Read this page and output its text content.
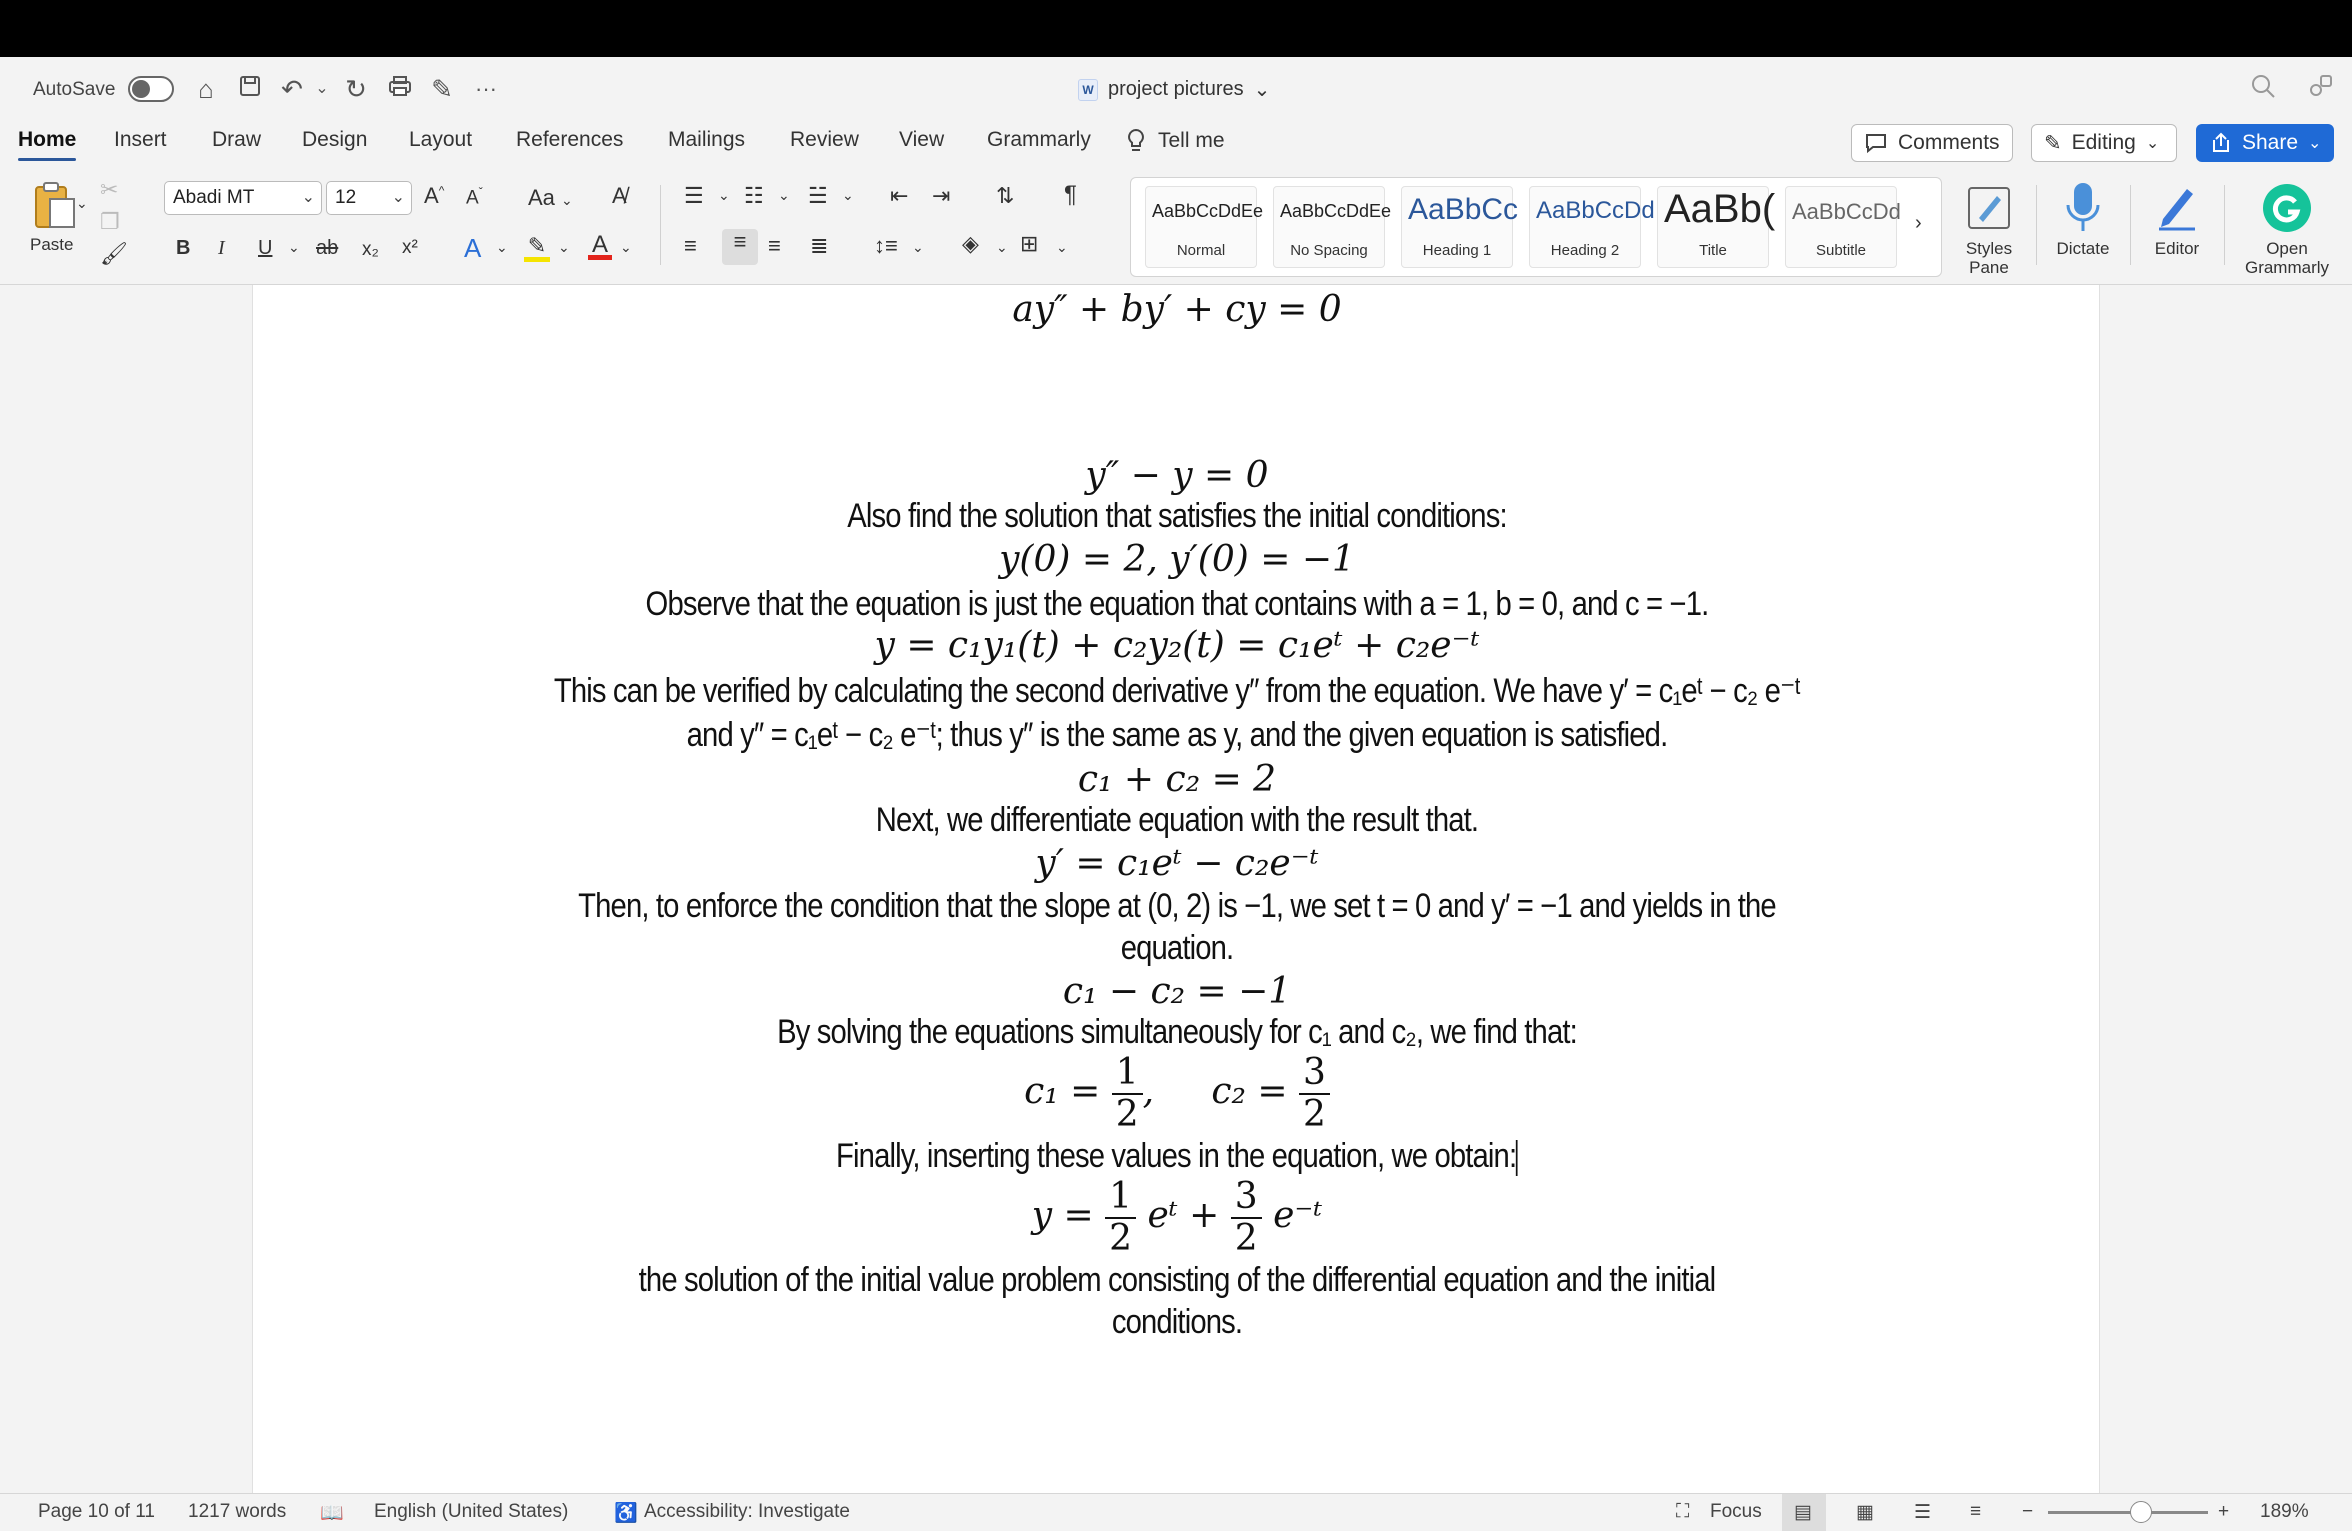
AutoSave	⌂	↶ ⌄ ↻ ✎ ···	W project pictures ⌄
Home Insert Draw Design Layout References Mailings Review View Grammarly	Tell me	Comments ✎ Editing ⌄	Share ⌄
Paste
⌄
✂
❐
🖌
Abadi MT	⌄	12 ⌄ A^ $A^ˇ$ Aa ⌄ A̸
B I U ⌄ ab x₂ x² A ⌄ ✎ ⌄ A ⌄
☰ ⌄ ☷ ⌄ ☱ ⌄ ⇤ ⇥ ⇅ ¶
≡	≡ ≡ ≣ ↕≡ ⌄ ◈ ⌄ ⊞ ⌄
AaBbCcDdEe
Normal
AaBbCcDdEe
No Spacing
AaBbCc
Heading 1
AaBbCcDd
Heading 2
AaBb(
Title
AaBbCcDd
Subtitle
›
Styles Pane
Dictate	Editor	Open Grammarly
ay″ + by′ + cy = 0
y″ − y = 0
Also find the solution that satisfies the initial conditions:
y(0) = 2, y′(0) = −1
Observe that the equation is just the equation that contains with a = 1, b = 0, and c = −1.
y = c₁y₁(t) + c₂y₂(t) = c₁eᵗ + c₂e⁻ᵗ
This can be verified by calculating the second derivative y″ from the equation. We have y′ = c₁eᵗ − c₂ e⁻ᵗ
and y″ = c₁eᵗ − c₂ e⁻ᵗ; thus y″ is the same as y, and the given equation is satisfied.
c₁ + c₂ = 2
Next, we differentiate equation with the result that.
y′ = c₁eᵗ − c₂e⁻ᵗ
Then, to enforce the condition that the slope at (0, 2) is −1, we set t = 0 and y′ = −1 and yields in the
equation.
c₁ − c₂ = −1
By solving the equations simultaneously for c₁ and c₂, we find that:
$c_1 = \frac{1}{2}$ , $c_2 = \frac{3}{2}$
Finally, inserting these values in the equation, we obtain:
$y = \frac{1}{2}$ eᵗ + $\frac{3}{2}$ e⁻ᵗ
the solution of the initial value problem consisting of the differential equation and the initial
conditions.
Page 10 of 11 1217 words 📖 English (United States) ♿ Accessibility: Investigate	⛶ Focus ▤ ▦ ☰ ≡ −	+ 189%
